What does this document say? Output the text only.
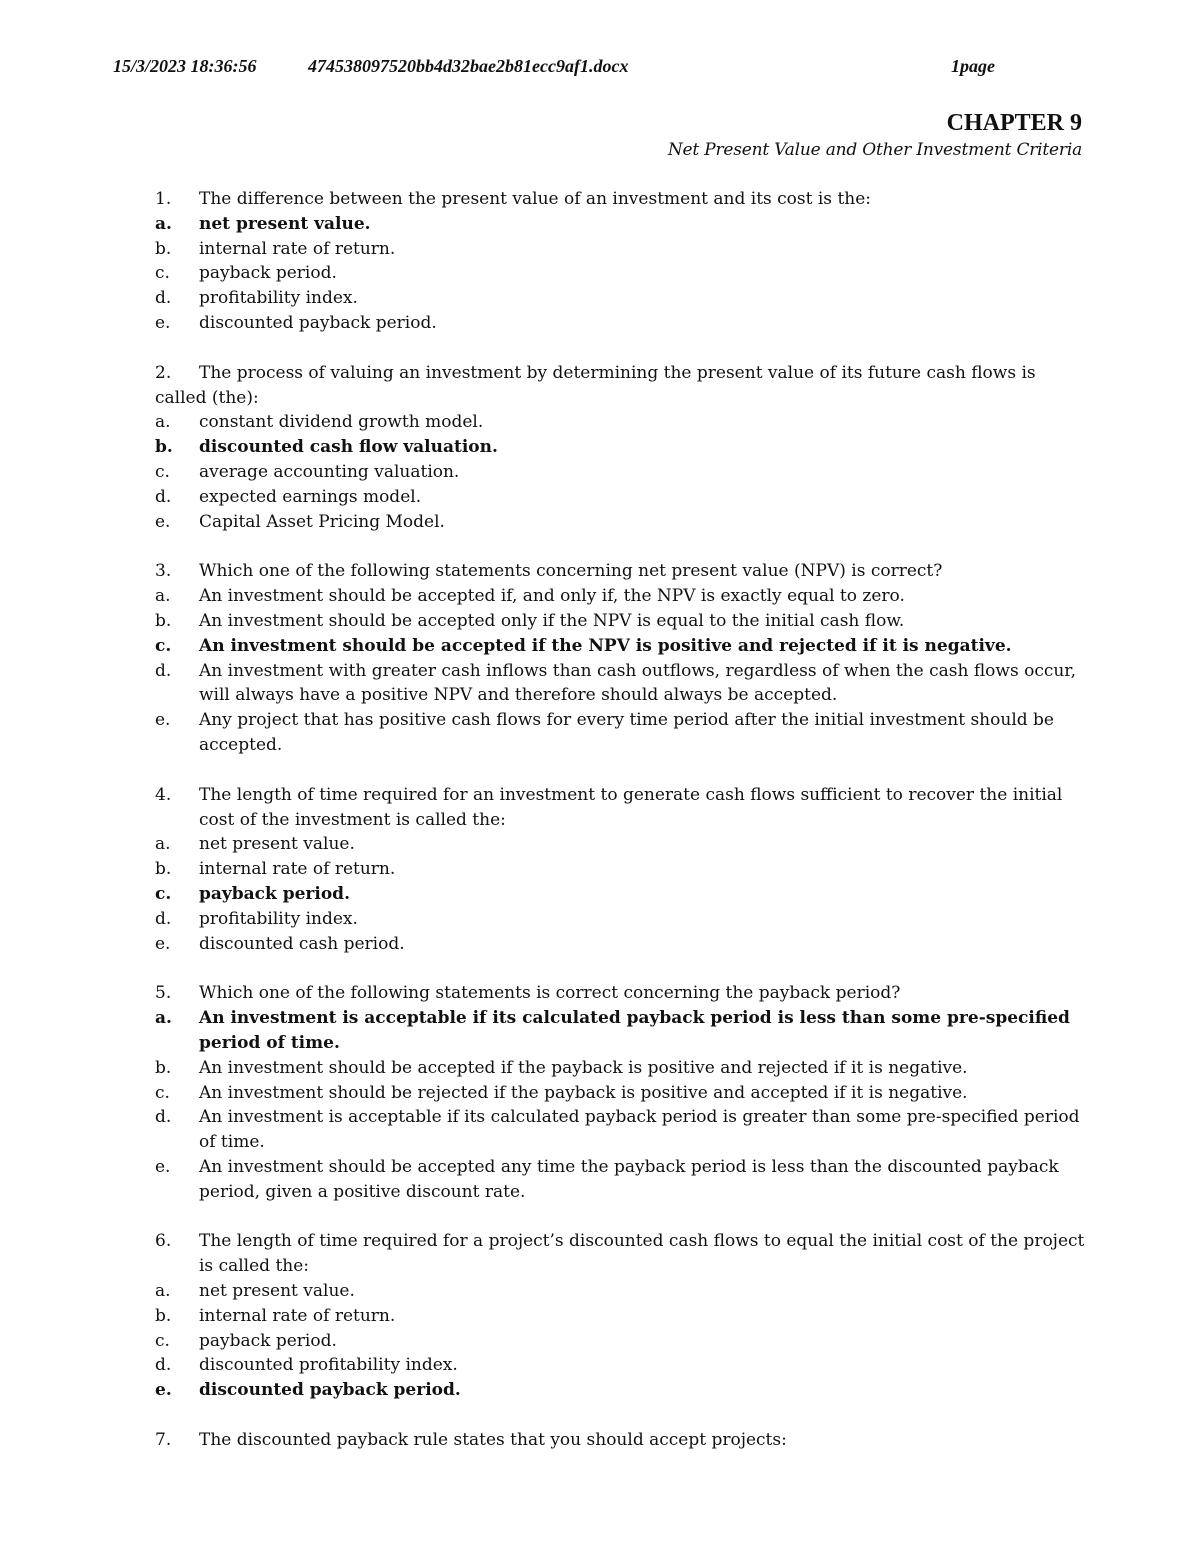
15/3/2023 18:36:56	474538097520bb4d32bae2b81ecc9af1.docx	1page
CHAPTER 9
Net Present Value and Other Investment Criteria
1. The difference between the present value of an investment and its cost is the:
a. net present value.
b. internal rate of return.
c. payback period.
d. profitability index.
e. discounted payback period.
2. The process of valuing an investment by determining the present value of its future cash flows is called (the):
a. constant dividend growth model.
b. discounted cash flow valuation.
c. average accounting valuation.
d. expected earnings model.
e. Capital Asset Pricing Model.
3. Which one of the following statements concerning net present value (NPV) is correct?
a. An investment should be accepted if, and only if, the NPV is exactly equal to zero.
b. An investment should be accepted only if the NPV is equal to the initial cash flow.
c. An investment should be accepted if the NPV is positive and rejected if it is negative.
d. An investment with greater cash inflows than cash outflows, regardless of when the cash flows occur, will always have a positive NPV and therefore should always be accepted.
e. Any project that has positive cash flows for every time period after the initial investment should be accepted.
4. The length of time required for an investment to generate cash flows sufficient to recover the initial cost of the investment is called the:
a. net present value.
b. internal rate of return.
c. payback period.
d. profitability index.
e. discounted cash period.
5. Which one of the following statements is correct concerning the payback period?
a. An investment is acceptable if its calculated payback period is less than some pre-specified period of time.
b. An investment should be accepted if the payback is positive and rejected if it is negative.
c. An investment should be rejected if the payback is positive and accepted if it is negative.
d. An investment is acceptable if its calculated payback period is greater than some pre-specified period of time.
e. An investment should be accepted any time the payback period is less than the discounted payback period, given a positive discount rate.
6. The length of time required for a project’s discounted cash flows to equal the initial cost of the project is called the:
a. net present value.
b. internal rate of return.
c. payback period.
d. discounted profitability index.
e. discounted payback period.
7. The discounted payback rule states that you should accept projects:
